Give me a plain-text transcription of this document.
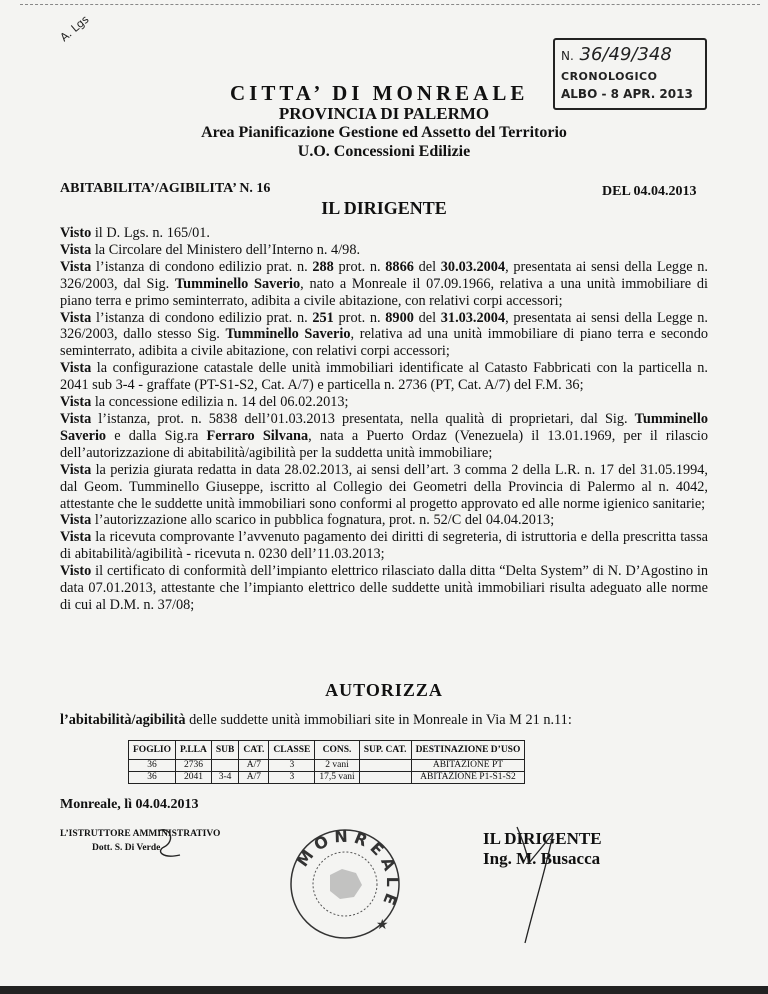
A. Lgs
N. 36/49/348
CRONOLOGICO
ALBO - 8 APR. 2013
CITTA’ DI MONREALE
PROVINCIA DI PALERMO
Area Pianificazione Gestione ed Assetto del Territorio
U.O. Concessioni Edilizie
ABITABILITA’/AGIBILITA’ N. 16	DEL 04.04.2013
IL DIRIGENTE

Visto il D. Lgs. n. 165/01.

Vista la Circolare del Ministero dell’Interno n. 4/98.

Vista l’istanza di condono edilizio prat. n. 288 prot. n. 8866 del 30.03.2004, presentata ai sensi della Legge n. 326/2003, dal Sig. Tumminello Saverio, nato a Monreale il 07.09.1966, relativa a una unità immobiliare di piano terra e primo seminterrato, adibita a civile abitazione, con relativi corpi accessori;

Vista l’istanza di condono edilizio prat. n. 251 prot. n. 8900 del 31.03.2004, presentata ai sensi della Legge n. 326/2003, dallo stesso Sig. Tumminello Saverio, relativa ad una unità immobiliare di piano terra e secondo seminterrato, adibita a civile abitazione, con relativi corpi accessori;

Vista la configurazione catastale delle unità immobiliari identificate al Catasto Fabbricati con la particella n. 2041 sub 3-4 - graffate (PT-S1-S2, Cat. A/7) e particella n. 2736 (PT, Cat. A/7) del F.M. 36;

Vista la concessione edilizia n. 14 del 06.02.2013;

Vista l’istanza, prot. n. 5838 dell’01.03.2013 presentata, nella qualità di proprietari, dal Sig. Tumminello Saverio e dalla Sig.ra Ferraro Silvana, nata a Puerto Ordaz (Venezuela) il 13.01.1969, per il rilascio dell’autorizzazione di abitabilità/agibilità per la suddetta unità immobiliare;

Vista la perizia giurata redatta in data 28.02.2013, ai sensi dell’art. 3 comma 2 della L.R. n. 17 del 31.05.1994, dal Geom. Tumminello Giuseppe, iscritto al Collegio dei Geometri della Provincia di Palermo al n. 4042, attestante che le suddette unità immobiliari sono conformi al progetto approvato ed alle norme igienico sanitarie;

Vista l’autorizzazione allo scarico in pubblica fognatura, prot. n. 52/C del 04.04.2013;

Vista la ricevuta comprovante l’avvenuto pagamento dei diritti di segreteria, di istruttoria e della prescritta tassa di abitabilità/agibilità - ricevuta n. 0230 dell’11.03.2013;

Visto il certificato di conformità dell’impianto elettrico rilasciato dalla ditta “Delta System” di N. D’Agostino in data 07.01.2013, attestante che l’impianto elettrico delle suddette unità immobiliari risulta adeguato alle norme di cui al D.M. n. 37/08;

AUTORIZZA
l’abitabilità/agibilità delle suddette unità immobiliari site in Monreale in Via M 21 n.11:
FOGLIO	P.LLA	SUB	CAT.	CLASSE	CONS.	SUP. CAT.	DESTINAZIONE D’USO
36	2736		A/7	3	2 vani		ABITAZIONE PT
36	2041	3-4	A/7	3	17,5 vani		ABITAZIONE P1-S1-S2
Monreale, lì 04.04.2013
L’ISTRUTTORE AMMINISTRATIVO
Dott. S. Di Verde	MONREALE
★
IL DIRIGENTE
Ing. M. Busacca
